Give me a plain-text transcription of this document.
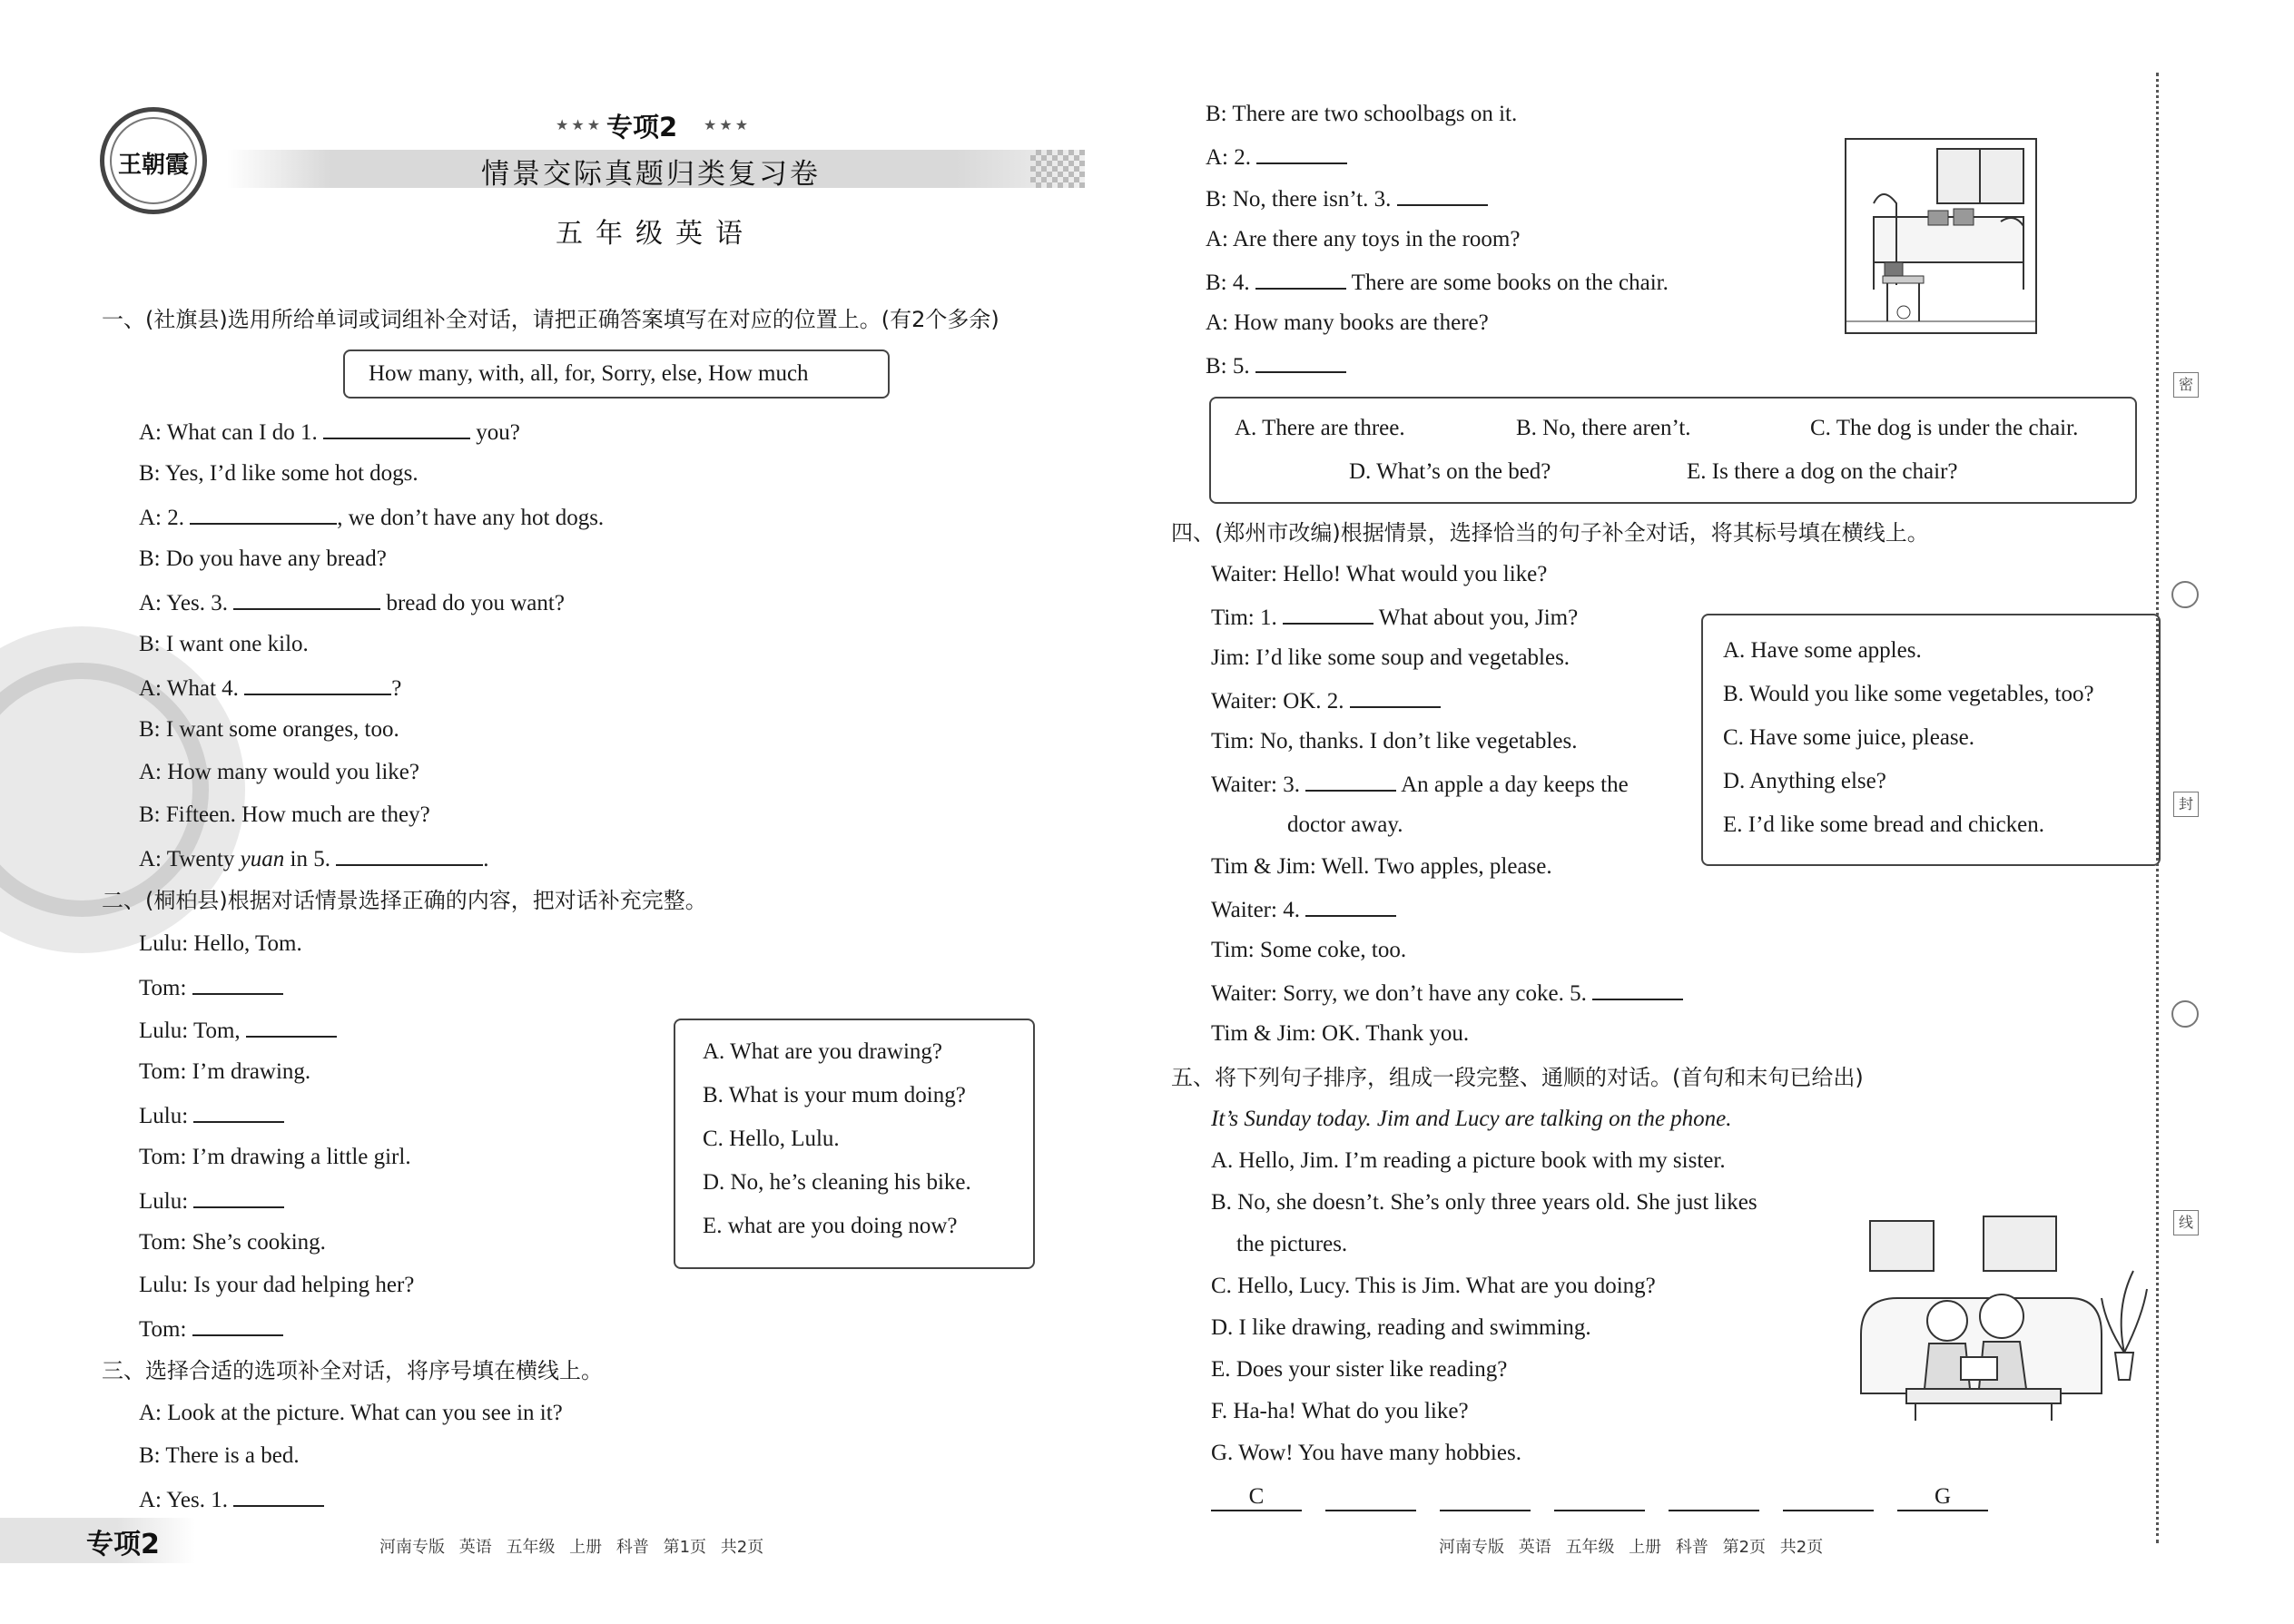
王朝霞
★★★ 专项2 ★★★
情景交际真题归类复习卷
五年级英语
一、(社旗县)选用所给单词或词组补全对话，请把正确答案填写在对应的位置上。(有2个多余)
How many, with, all, for, Sorry, else, How much
A: What can I do 1.	you?
B: Yes, I’d like some hot dogs.
A: 2.	, we don’t have any hot dogs.
B: Do you have any bread?
A: Yes. 3.	bread do you want?
B: I want one kilo.
A: What 4.	?
B: I want some oranges, too.
A: How many would you like?
B: Fifteen. How much are they?
A: Twenty yuan in 5.	.
二、(桐柏县)根据对话情景选择正确的内容，把对话补充完整。
Lulu: Hello, Tom.
Tom:
Lulu: Tom,
Tom: I’m drawing.
Lulu:
Tom: I’m drawing a little girl.
Lulu:
Tom: She’s cooking.
Lulu: Is your dad helping her?
Tom:
A. What are you drawing?
B. What is your mum doing?
C. Hello, Lulu.
D. No, he’s cleaning his bike.
E. what are you doing now?
三、选择合适的选项补全对话，将序号填在横线上。
A: Look at the picture. What can you see in it?
B: There is a bed.
A: Yes. 1.
专项2	河南专版 英语 五年级 上册 科普 第1页 共2页
B: There are two schoolbags on it.
A: 2.
B: No, there isn’t. 3.
A: Are there any toys in the room?
B: 4.	There are some books on the chair.
A: How many books are there?
B: 5.
A. There are three.	B. No, there aren’t.	C. The dog is under the chair.
D. What’s on the bed?	E. Is there a dog on the chair?
四、(郑州市改编)根据情景，选择恰当的句子补全对话，将其标号填在横线上。
Waiter: Hello! What would you like?
Tim: 1.	What about you, Jim?
Jim: I’d like some soup and vegetables.
Waiter: OK. 2.
Tim: No, thanks. I don’t like vegetables.
Waiter: 3.	An apple a day keeps the
doctor away.
Tim & Jim: Well. Two apples, please.
Waiter: 4.
Tim: Some coke, too.
Waiter: Sorry, we don’t have any coke. 5.
Tim & Jim: OK. Thank you.
A. Have some apples.
B. Would you like some vegetables, too?
C. Have some juice, please.
D. Anything else?
E. I’d like some bread and chicken.
五、将下列句子排序，组成一段完整、通顺的对话。(首句和末句已给出)
It’s Sunday today. Jim and Lucy are talking on the phone.
A. Hello, Jim. I’m reading a picture book with my sister.
B. No, she doesn’t. She’s only three years old. She just likes
the pictures.
C. Hello, Lucy. This is Jim. What are you doing?
D. I like drawing, reading and swimming.
E. Does your sister like reading?
F. Ha-ha! What do you like?
G. Wow! You have many hobbies.
C	G
河南专版 英语 五年级 上册 科普 第2页 共2页
密
封
线
